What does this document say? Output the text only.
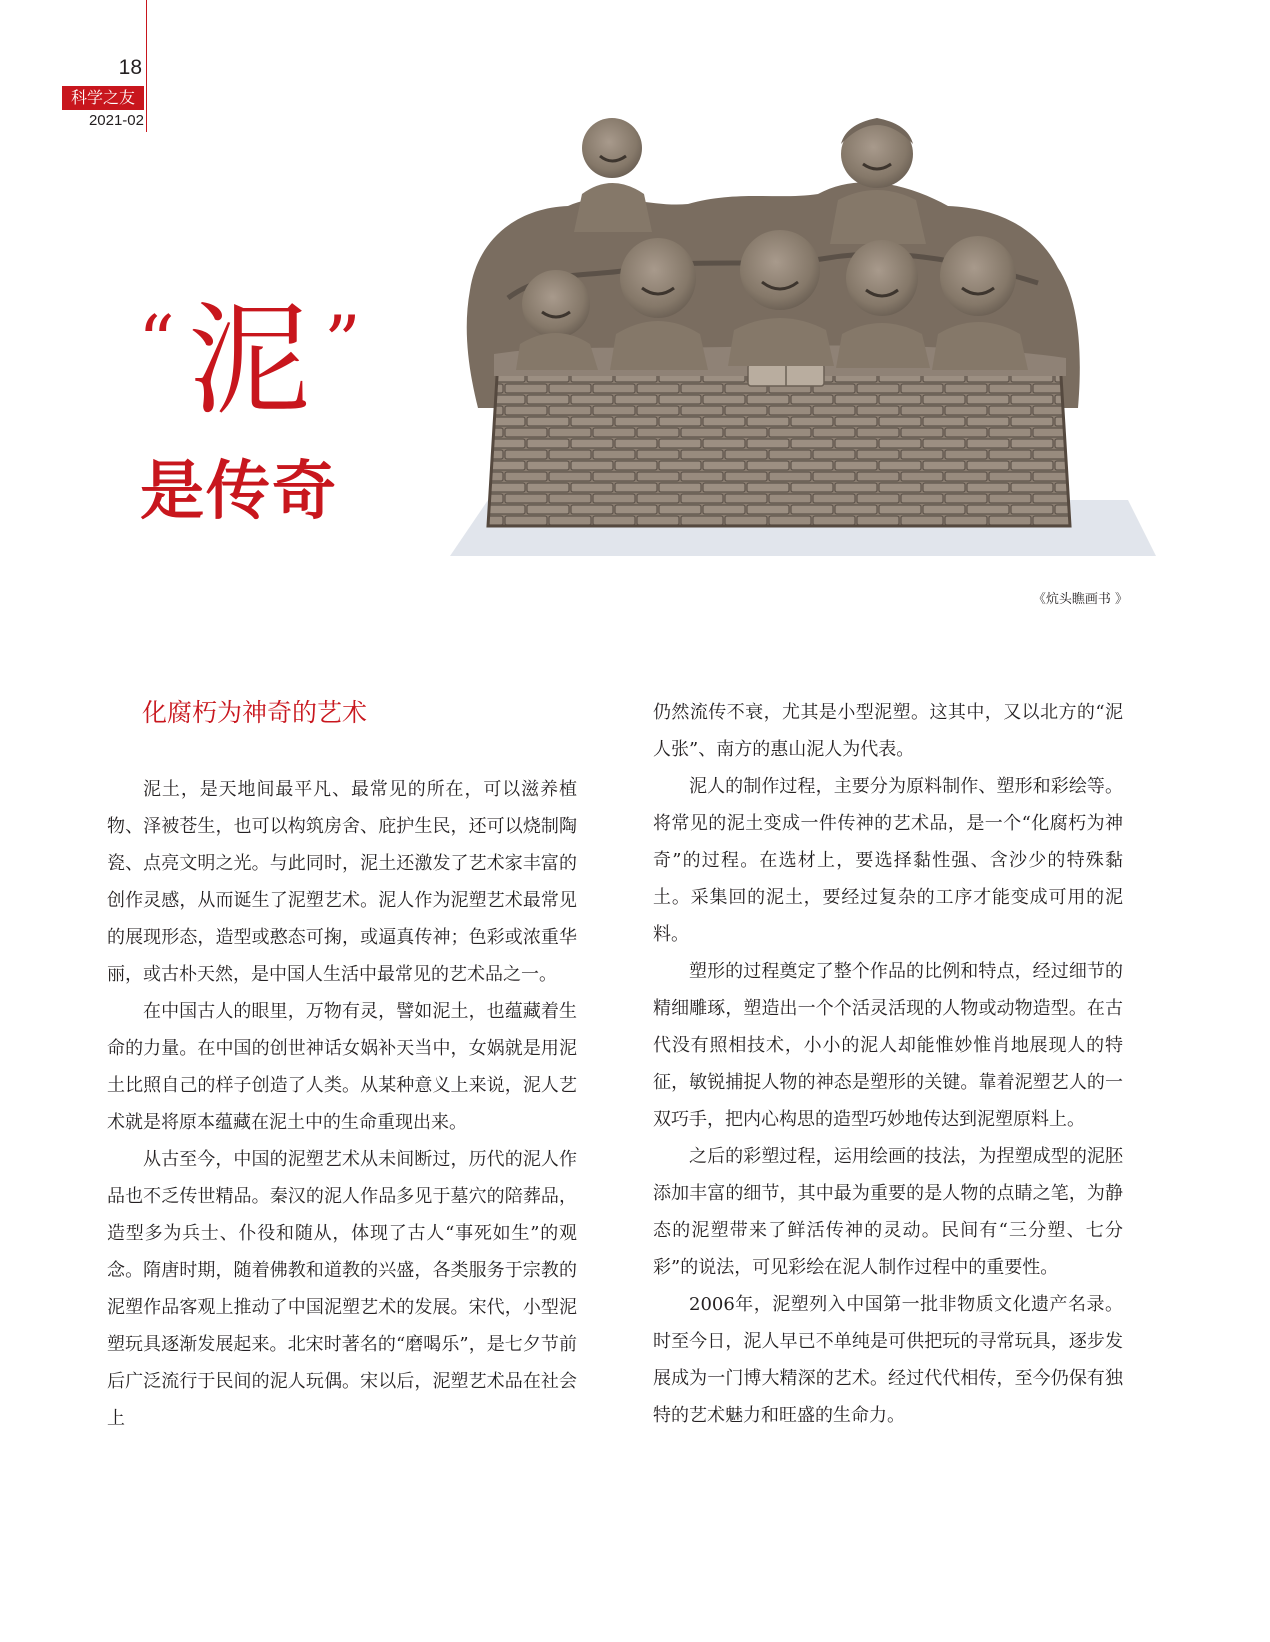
18
科学之友
2021-02
“ 泥 ”
是传奇
《炕头瞧画书 》
化腐朽为神奇的艺术

泥土，是天地间最平凡、最常见的所在，可以滋养植物、泽被苍生，也可以构筑房舍、庇护生民，还可以烧制陶瓷、点亮文明之光。与此同时，泥土还激发了艺术家丰富的创作灵感，从而诞生了泥塑艺术。泥人作为泥塑艺术最常见的展现形态，造型或憨态可掬，或逼真传神；色彩或浓重华丽，或古朴天然，是中国人生活中最常见的艺术品之一。

在中国古人的眼里，万物有灵，譬如泥土，也蕴藏着生命的力量。在中国的创世神话女娲补天当中，女娲就是用泥土比照自己的样子创造了人类。从某种意义上来说，泥人艺术就是将原本蕴藏在泥土中的生命重现出来。

从古至今，中国的泥塑艺术从未间断过，历代的泥人作品也不乏传世精品。秦汉的泥人作品多见于墓穴的陪葬品，造型多为兵士、仆役和随从，体现了古人“事死如生”的观念。隋唐时期，随着佛教和道教的兴盛，各类服务于宗教的泥塑作品客观上推动了中国泥塑艺术的发展。宋代，小型泥塑玩具逐渐发展起来。北宋时著名的“磨喝乐”，是七夕节前后广泛流行于民间的泥人玩偶。宋以后，泥塑艺术品在社会上

仍然流传不衰，尤其是小型泥塑。这其中，又以北方的“泥人张”、南方的惠山泥人为代表。

泥人的制作过程，主要分为原料制作、塑形和彩绘等。将常见的泥土变成一件传神的艺术品，是一个“化腐朽为神奇”的过程。在选材上，要选择黏性强、含沙少的特殊黏土。采集回的泥土，要经过复杂的工序才能变成可用的泥料。

塑形的过程奠定了整个作品的比例和特点，经过细节的精细雕琢，塑造出一个个活灵活现的人物或动物造型。在古代没有照相技术，小小的泥人却能惟妙惟肖地展现人的特征，敏锐捕捉人物的神态是塑形的关键。靠着泥塑艺人的一双巧手，把内心构思的造型巧妙地传达到泥塑原料上。

之后的彩塑过程，运用绘画的技法，为捏塑成型的泥胚添加丰富的细节，其中最为重要的是人物的点睛之笔，为静态的泥塑带来了鲜活传神的灵动。民间有“三分塑、七分彩”的说法，可见彩绘在泥人制作过程中的重要性。

2006年，泥塑列入中国第一批非物质文化遗产名录。时至今日，泥人早已不单纯是可供把玩的寻常玩具，逐步发展成为一门博大精深的艺术。经过代代相传，至今仍保有独特的艺术魅力和旺盛的生命力。
